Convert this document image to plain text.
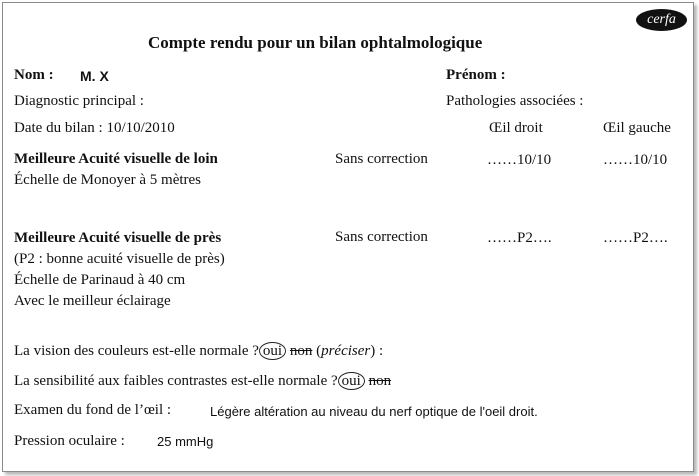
cerfa
Compte rendu pour un bilan ophtalmologique
Nom : M. X	Prénom :
Diagnostic principal :	Pathologies associées :
Date du bilan : 10/10/2010	Œil droit	Œil gauche
Meilleure Acuité visuelle de loin	Sans correction	……10/10	……10/10
Échelle de Monoyer à 5 mètres
Meilleure Acuité visuelle de près	Sans correction	……P2….	……P2….
(P2 : bonne acuité visuelle de près)
Échelle de Parinaud à 40 cm
Avec le meilleur éclairage
La vision des couleurs est-elle normale ? oui non (préciser) :
La sensibilité aux faibles contrastes est-elle normale ? oui non
Examen du fond de l’œil :	Légère altération au niveau du nerf optique de l'oeil droit.
Pression oculaire : 25 mmHg
